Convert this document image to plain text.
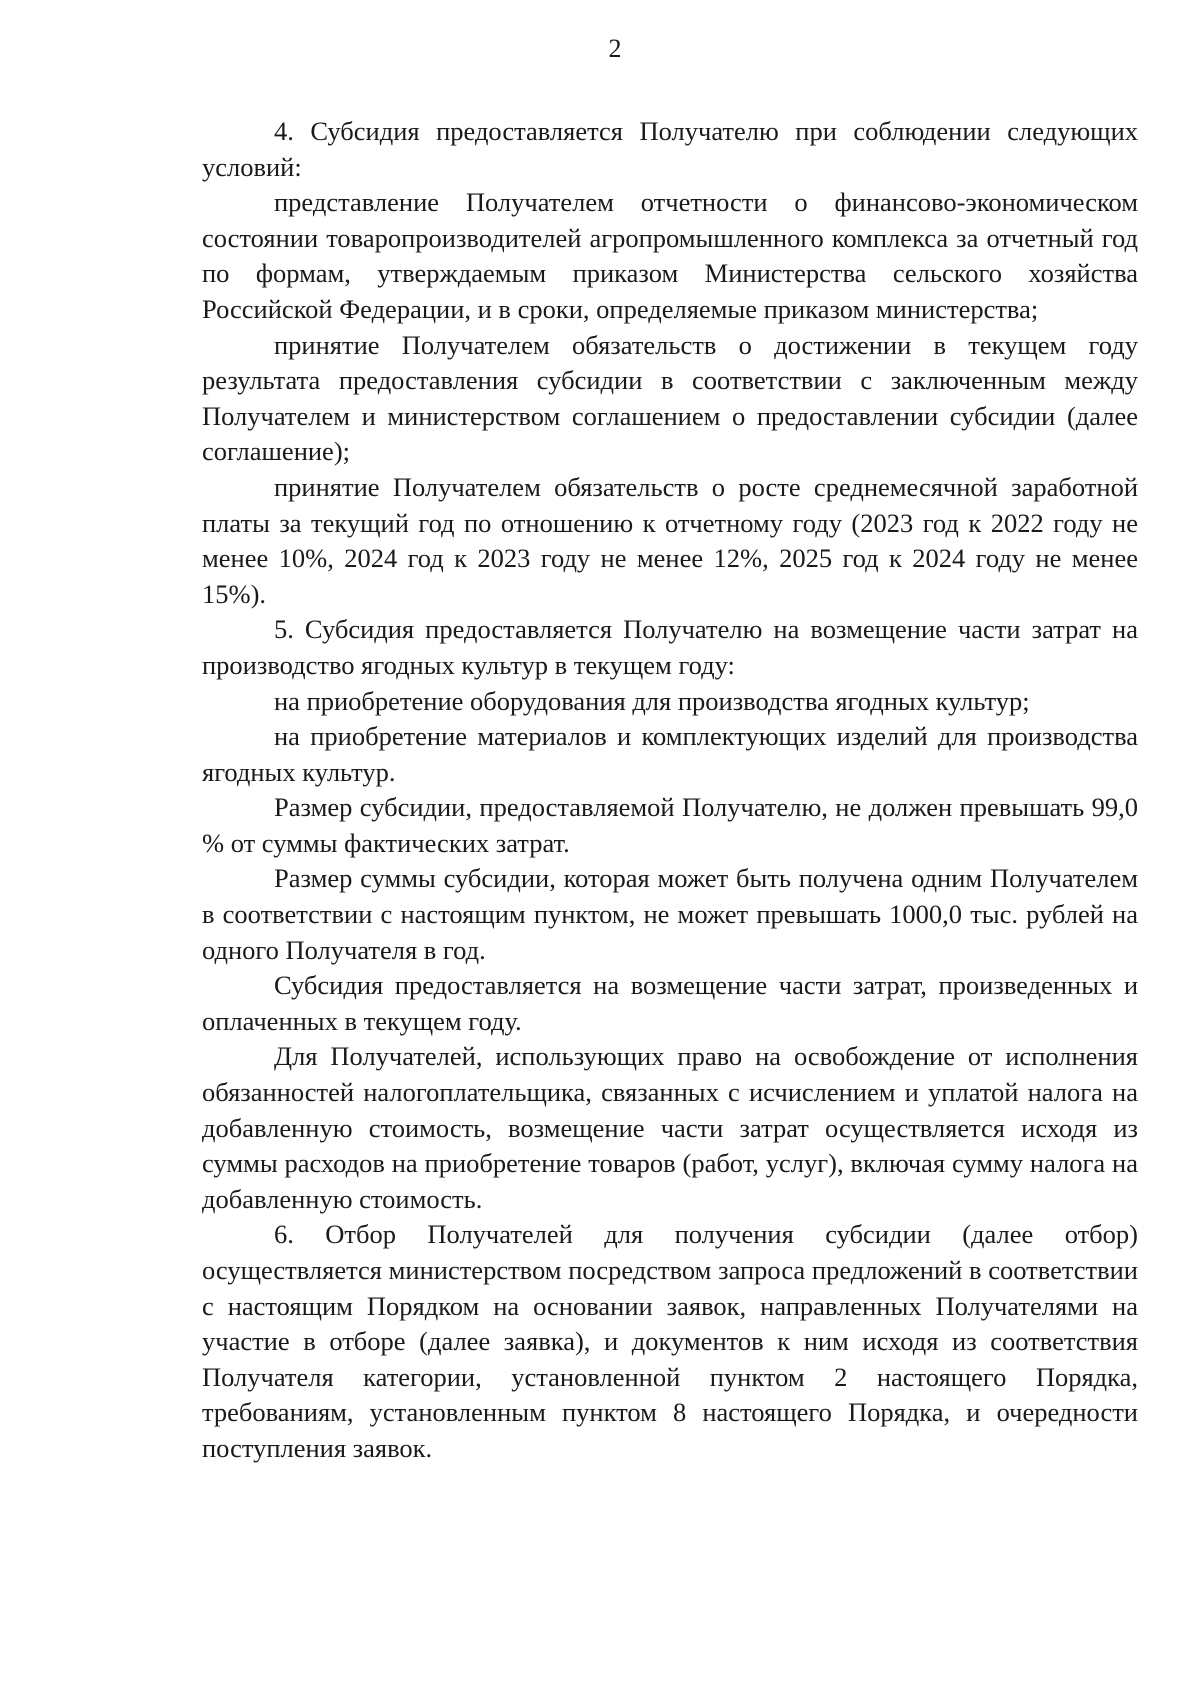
2

4. Субсидия предоставляется Получателю при соблюдении следующих условий:

представление Получателем отчетности о финансово-экономическом состоянии товаропроизводителей агропромышленного комплекса за отчетный год по формам, утверждаемым приказом Министерства сельского хозяйства Российской Федерации, и в сроки, определяемые приказом министерства;

принятие Получателем обязательств о достижении в текущем году результата предоставления субсидии в соответствии с заключенным между Получателем и министерством соглашением о предоставлении субсидии (далее соглашение);

принятие Получателем обязательств о росте среднемесячной заработной платы за текущий год по отношению к отчетному году (2023 год к 2022 году не менее 10%, 2024 год к 2023 году не менее 12%, 2025 год к 2024 году не менее 15%).

5. Субсидия предоставляется Получателю на возмещение части затрат на производство ягодных культур в текущем году:

на приобретение оборудования для производства ягодных культур;

на приобретение материалов и комплектующих изделий для производства ягодных культур.

Размер субсидии, предоставляемой Получателю, не должен превышать 99,0 % от суммы фактических затрат.

Размер суммы субсидии, которая может быть получена одним Получателем в соответствии с настоящим пунктом, не может превышать 1000,0 тыс. рублей на одного Получателя в год.

Субсидия предоставляется на возмещение части затрат, произведенных и оплаченных в текущем году.

Для Получателей, использующих право на освобождение от исполнения обязанностей налогоплательщика, связанных с исчислением и уплатой налога на добавленную стоимость, возмещение части затрат осуществляется исходя из суммы расходов на приобретение товаров (работ, услуг), включая сумму налога на добавленную стоимость.

6. Отбор Получателей для получения субсидии (далее отбор) осуществляется министерством посредством запроса предложений в соответствии с настоящим Порядком на основании заявок, направленных Получателями на участие в отборе (далее заявка), и документов к ним исходя из соответствия Получателя категории, установленной пунктом 2 настоящего Порядка, требованиям, установленным пунктом 8 настоящего Порядка, и очередности поступления заявок.
